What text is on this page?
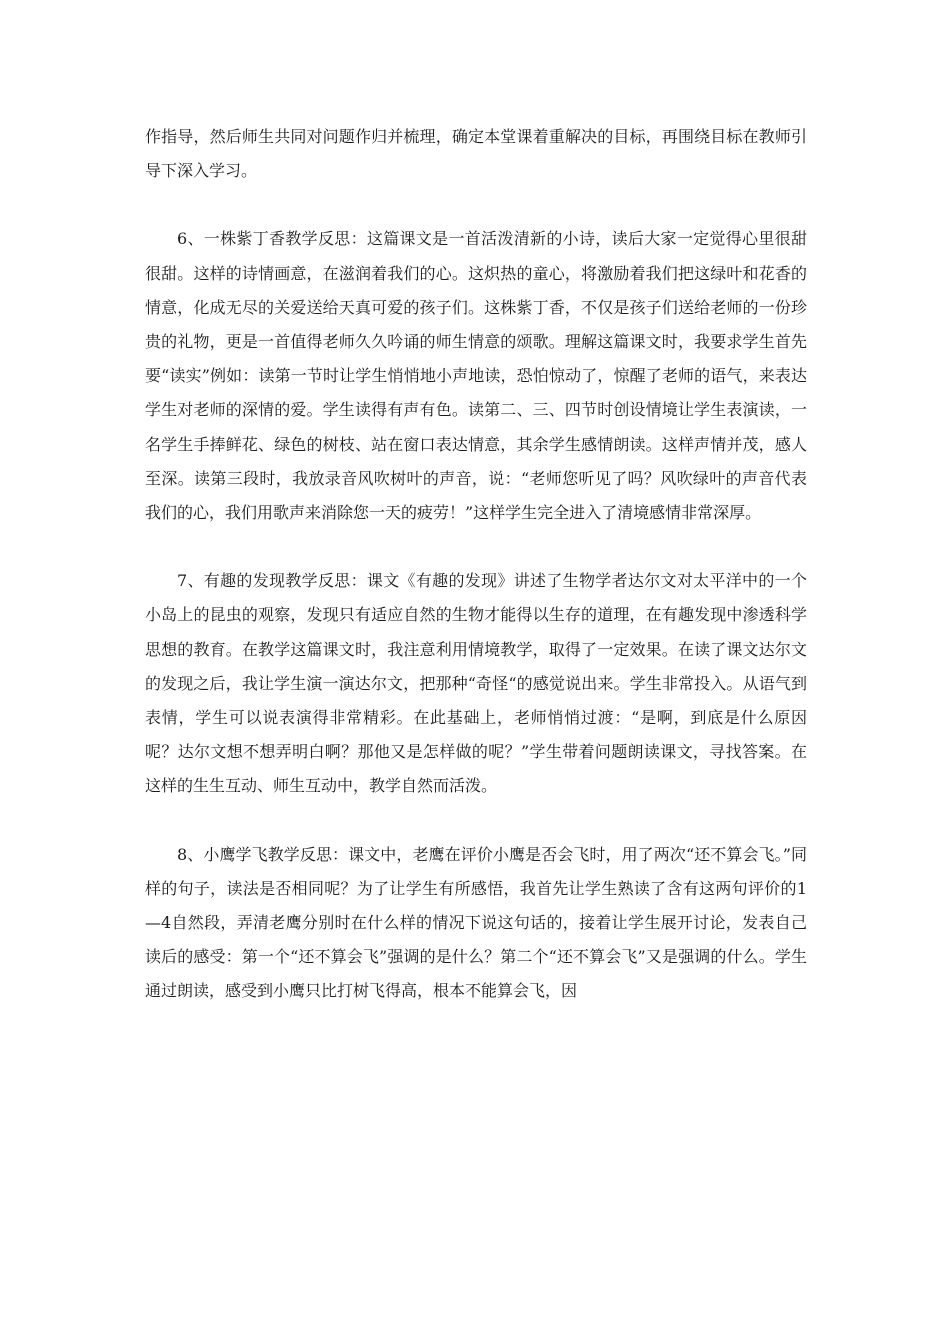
作指导，然后师生共同对问题作归并梳理，确定本堂课着重解决的目标，再围绕目标在教师引导下深入学习。

6、一株紫丁香教学反思：这篇课文是一首活泼清新的小诗，读后大家一定觉得心里很甜很甜。这样的诗情画意，在滋润着我们的心。这炽热的童心，将激励着我们把这绿叶和花香的情意，化成无尽的关爱送给天真可爱的孩子们。这株紫丁香，不仅是孩子们送给老师的一份珍贵的礼物，更是一首值得老师久久吟诵的师生情意的颂歌。理解这篇课文时，我要求学生首先要“读实”例如：读第一节时让学生悄悄地小声地读，恐怕惊动了，惊醒了老师的语气，来表达学生对老师的深情的爱。学生读得有声有色。读第二、三、四节时创设情境让学生表演读，一名学生手捧鲜花、绿色的树枝、站在窗口表达情意，其余学生感情朗读。这样声情并茂，感人至深。读第三段时，我放录音风吹树叶的声音，说：“老师您听见了吗？风吹绿叶的声音代表我们的心，我们用歌声来消除您一天的疲劳！”这样学生完全进入了清境感情非常深厚。

7、有趣的发现教学反思：课文《有趣的发现》讲述了生物学者达尔文对太平洋中的一个小岛上的昆虫的观察，发现只有适应自然的生物才能得以生存的道理，在有趣发现中渗透科学思想的教育。在教学这篇课文时，我注意利用情境教学，取得了一定效果。在读了课文达尔文的发现之后，我让学生演一演达尔文，把那种“奇怪“的感觉说出来。学生非常投入。从语气到表情，学生可以说表演得非常精彩。在此基础上，老师悄悄过渡：“是啊，到底是什么原因呢？达尔文想不想弄明白啊？那他又是怎样做的呢？”学生带着问题朗读课文，寻找答案。在这样的生生互动、师生互动中，教学自然而活泼。

8、小鹰学飞教学反思：课文中，老鹰在评价小鹰是否会飞时，用了两次“还不算会飞。”同样的句子，读法是否相同呢？为了让学生有所感悟，我首先让学生熟读了含有这两句评价的1—4自然段，弄清老鹰分别时在什么样的情况下说这句话的，接着让学生展开讨论，发表自己读后的感受：第一个“还不算会飞”强调的是什么？第二个“还不算会飞”又是强调的什么。学生通过朗读，感受到小鹰只比打树飞得高，根本不能算会飞，因
